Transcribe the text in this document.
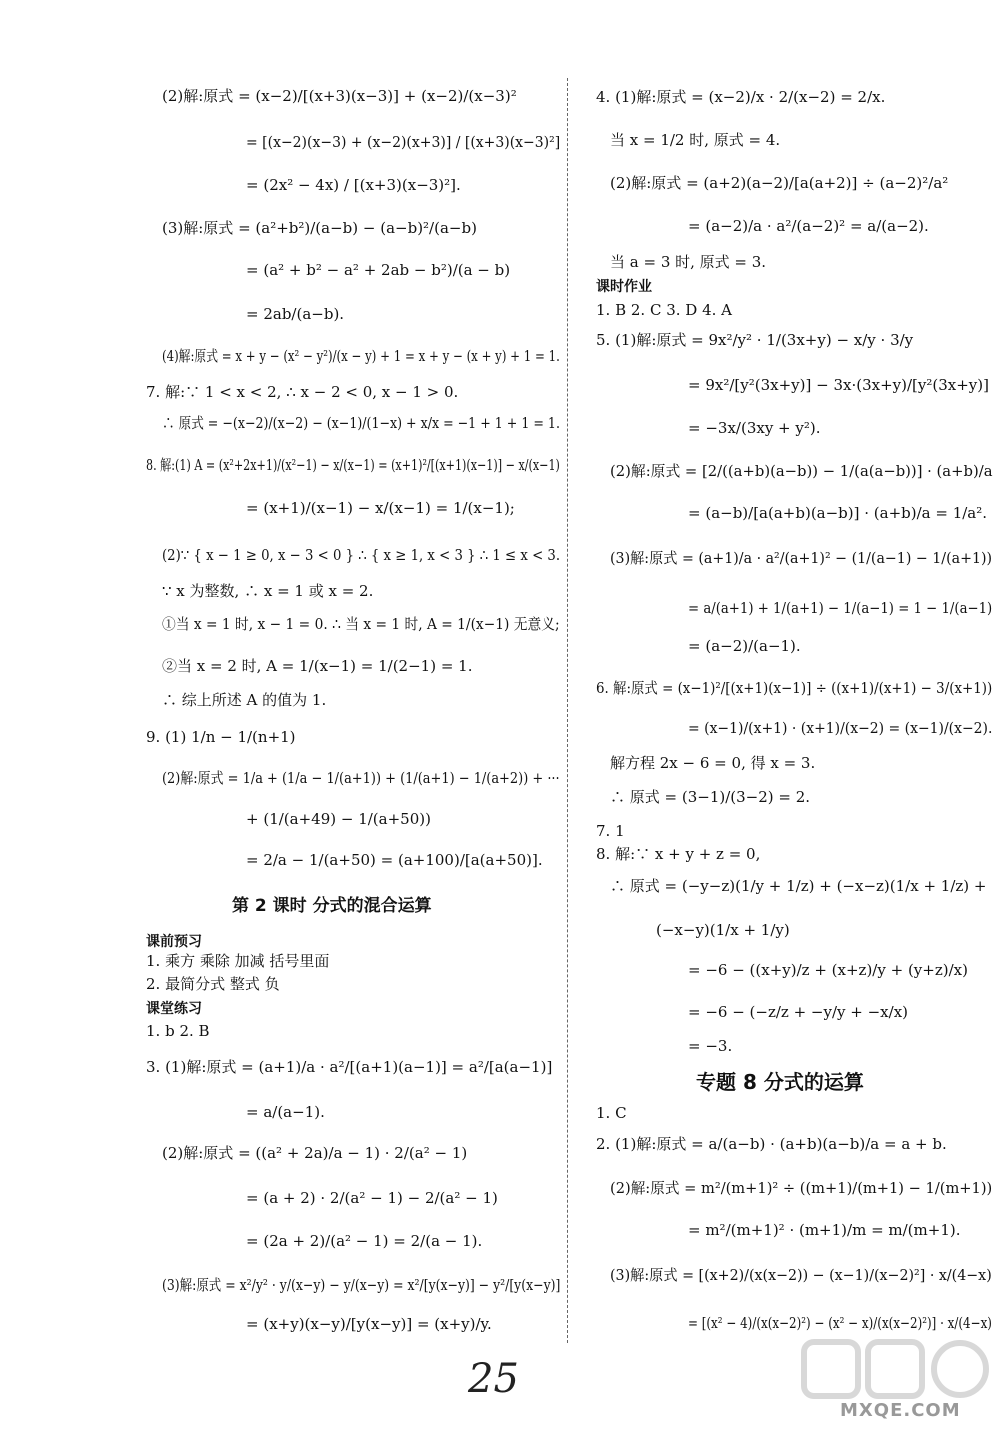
(2)解:原式 = (x−2)/[(x+3)(x−3)] + (x−2)/(x−3)²
= [(x−2)(x−3) + (x−2)(x+3)] / [(x+3)(x−3)²]
= (2x² − 4x) / [(x+3)(x−3)²].
(3)解:原式 = (a²+b²)/(a−b) − (a−b)²/(a−b)
= (a² + b² − a² + 2ab − b²)/(a − b)
= 2ab/(a−b).
(4)解:原式 = x + y − (x² − y²)/(x − y) + 1 = x + y − (x + y) + 1 = 1.
7. 解:∵ 1 < x < 2, ∴ x − 2 < 0, x − 1 > 0.
∴ 原式 = −(x−2)/(x−2) − (x−1)/(1−x) + x/x = −1 + 1 + 1 = 1.
8. 解:(1) A = (x²+2x+1)/(x²−1) − x/(x−1) = (x+1)²/[(x+1)(x−1)] − x/(x−1)
= (x+1)/(x−1) − x/(x−1) = 1/(x−1);
(2)∵ { x − 1 ≥ 0, x − 3 < 0 } ∴ { x ≥ 1, x < 3 } ∴ 1 ≤ x < 3.
∵ x 为整数, ∴ x = 1 或 x = 2.
①当 x = 1 时, x − 1 = 0. ∴ 当 x = 1 时, A = 1/(x−1) 无意义;
②当 x = 2 时, A = 1/(x−1) = 1/(2−1) = 1.
∴ 综上所述 A 的值为 1.
9. (1) 1/n − 1/(n+1)
(2)解:原式 = 1/a + (1/a − 1/(a+1)) + (1/(a+1) − 1/(a+2)) + ···
+ (1/(a+49) − 1/(a+50))
= 2/a − 1/(a+50) = (a+100)/[a(a+50)].
1. b 2. B
3. (1)解:原式 = (a+1)/a · a²/[(a+1)(a−1)] = a²/[a(a−1)]
= a/(a−1).
(2)解:原式 = ((a² + 2a)/a − 1) · 2/(a² − 1)
= (a + 2) · 2/(a² − 1) − 2/(a² − 1)
= (2a + 2)/(a² − 1) = 2/(a − 1).
(3)解:原式 = x²/y² · y/(x−y) − y/(x−y) = x²/[y(x−y)] − y²/[y(x−y)]
= (x+y)(x−y)/[y(x−y)] = (x+y)/y.
4. (1)解:原式 = (x−2)/x · 2/(x−2) = 2/x.
当 x = 1/2 时, 原式 = 4.
(2)解:原式 = (a+2)(a−2)/[a(a+2)] ÷ (a−2)²/a²
= (a−2)/a · a²/(a−2)² = a/(a−2).
当 a = 3 时, 原式 = 3.
1. B 2. C 3. D 4. A
5. (1)解:原式 = 9x²/y² · 1/(3x+y) − x/y · 3/y
= 9x²/[y²(3x+y)] − 3x·(3x+y)/[y²(3x+y)]
= −3x/(3xy + y²).
(2)解:原式 = [2/((a+b)(a−b)) − 1/(a(a−b))] · (a+b)/a
= (a−b)/[a(a+b)(a−b)] · (a+b)/a = 1/a².
(3)解:原式 = (a+1)/a · a²/(a+1)² − (1/(a−1) − 1/(a+1))
= a/(a+1) + 1/(a+1) − 1/(a−1) = 1 − 1/(a−1)
= (a−2)/(a−1).
6. 解:原式 = (x−1)²/[(x+1)(x−1)] ÷ ((x+1)/(x+1) − 3/(x+1))
= (x−1)/(x+1) · (x+1)/(x−2) = (x−1)/(x−2).
解方程 2x − 6 = 0, 得 x = 3.
∴ 原式 = (3−1)/(3−2) = 2.
7. 1
8. 解:∵ x + y + z = 0,
∴ 原式 = (−y−z)(1/y + 1/z) + (−x−z)(1/x + 1/z) +
(−x−y)(1/x + 1/y)
= −6 − ((x+y)/z + (x+z)/y + (y+z)/x)
= −6 − (−z/z + −y/y + −x/x)
= −3.
1. C
2. (1)解:原式 = a/(a−b) · (a+b)(a−b)/a = a + b.
(2)解:原式 = m²/(m+1)² ÷ ((m+1)/(m+1) − 1/(m+1))
= m²/(m+1)² · (m+1)/m = m/(m+1).
(3)解:原式 = [(x+2)/(x(x−2)) − (x−1)/(x−2)²] · x/(4−x)
= [(x² − 4)/(x(x−2)²) − (x² − x)/(x(x−2)²)] · x/(4−x)
第 2 课时 分式的混合运算
课前预习
1. 乘方 乘除 加减 括号里面
2. 最简分式 整式 负
课堂练习
课时作业
专题 8 分式的运算
25
MXQE.COM
